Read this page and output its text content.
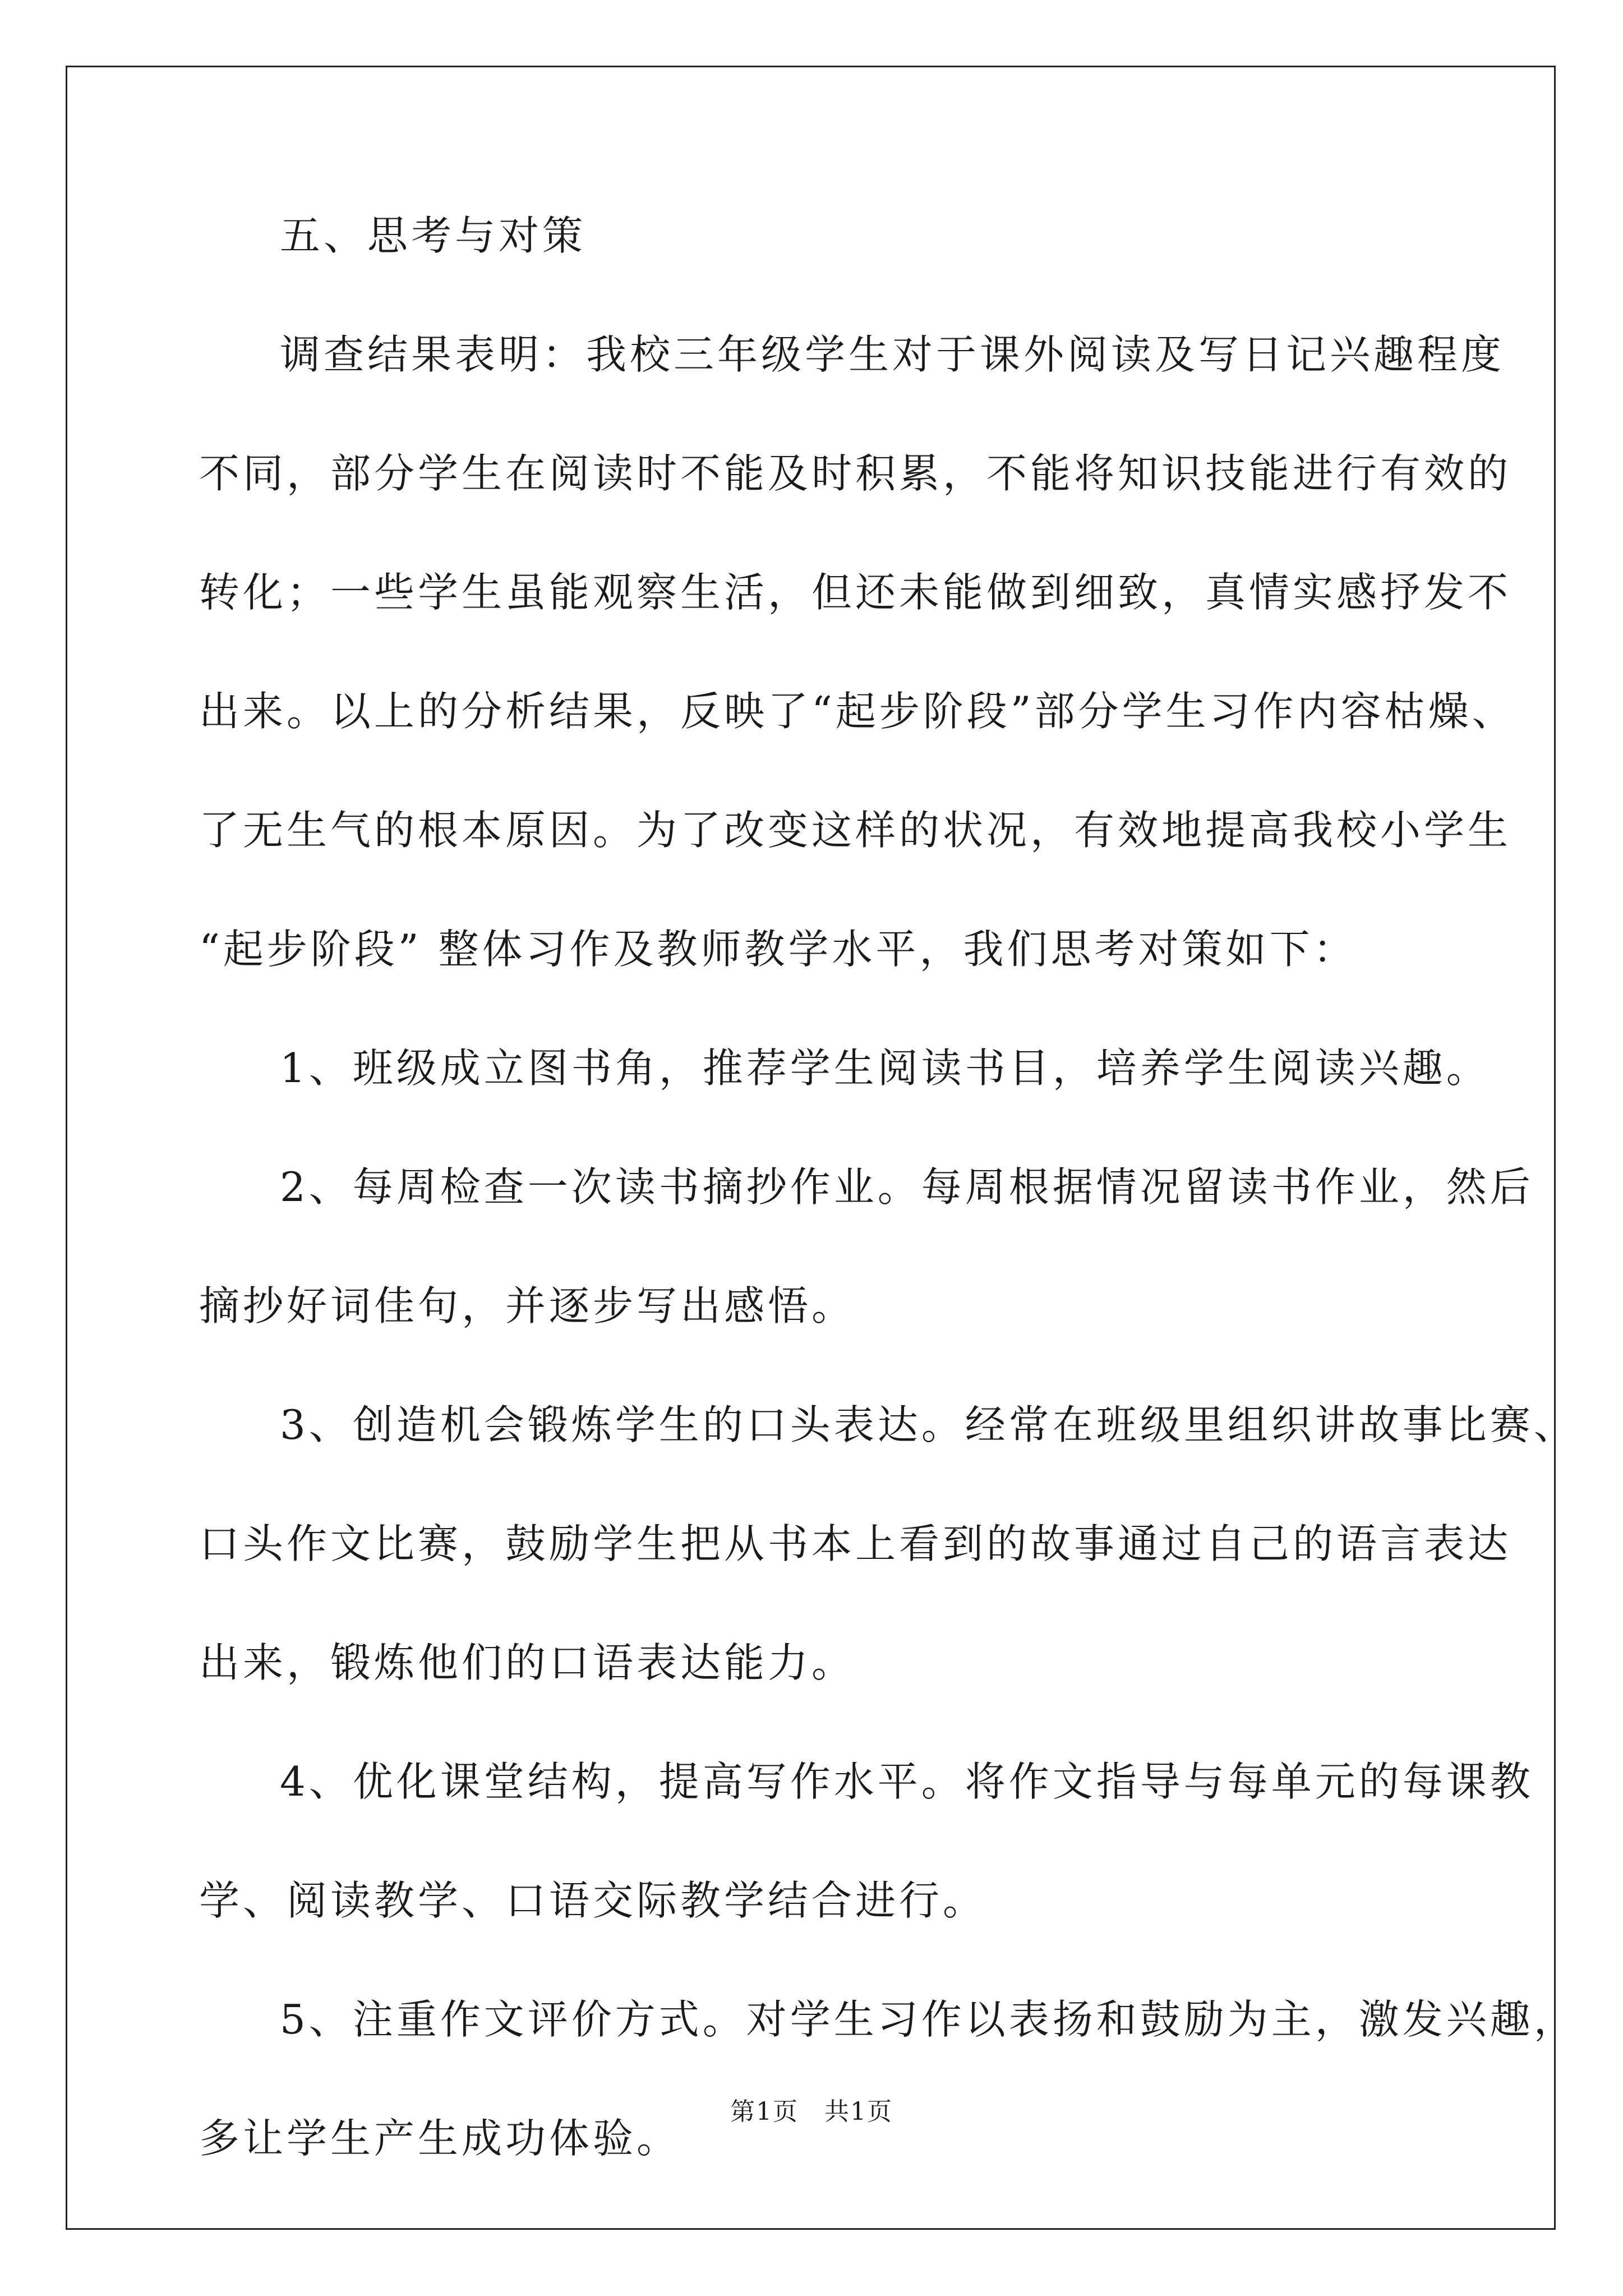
五、思考与对策
调查结果表明：我校三年级学生对于课外阅读及写日记兴趣程度
不同，部分学生在阅读时不能及时积累，不能将知识技能进行有效的
转化；一些学生虽能观察生活，但还未能做到细致，真情实感抒发不
出来。以上的分析结果，反映了“起步阶段”部分学生习作内容枯燥、
了无生气的根本原因。为了改变这样的状况，有效地提高我校小学生
“起步阶段” 整体习作及教师教学水平，我们思考对策如下：
1、班级成立图书角，推荐学生阅读书目，培养学生阅读兴趣。
2、每周检查一次读书摘抄作业。每周根据情况留读书作业，然后
摘抄好词佳句，并逐步写出感悟。
3、创造机会锻炼学生的口头表达。经常在班级里组织讲故事比赛、
口头作文比赛，鼓励学生把从书本上看到的故事通过自己的语言表达
出来，锻炼他们的口语表达能力。
4、优化课堂结构，提高写作水平。将作文指导与每单元的每课教
学、阅读教学、口语交际教学结合进行。
5、注重作文评价方式。对学生习作以表扬和鼓励为主，激发兴趣，
多让学生产生成功体验。
第1页　共1页
